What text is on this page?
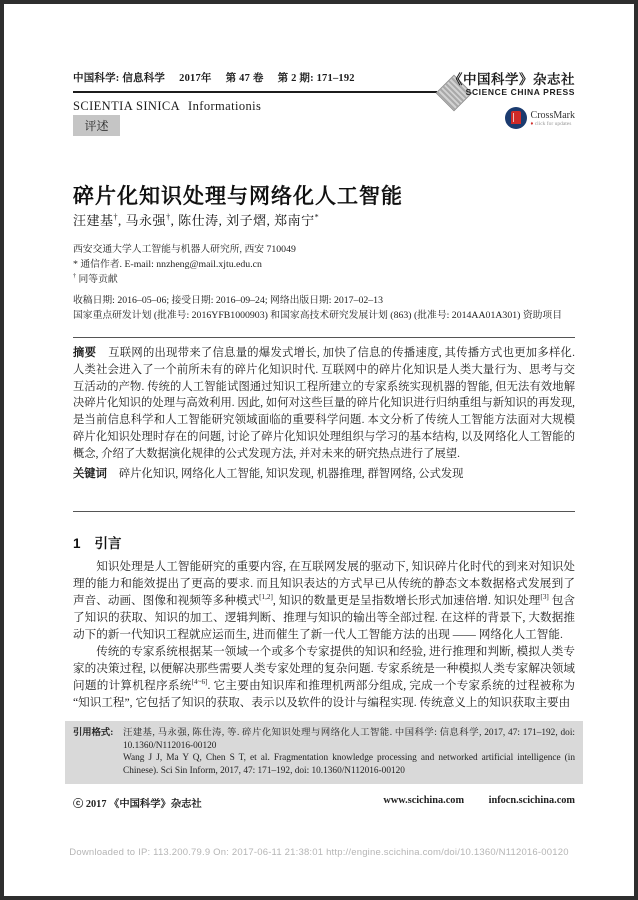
中国科学: 信息科学 2017年 第 47 卷 第 2 期: 171–192
SCIENTIA SINICA Informationis
评述
《中国科学》杂志社
SCIENCE CHINA PRESS
CrossMark
♦ click for updates
碎片化知识处理与网络化人工智能
汪建基†, 马永强†, 陈仕涛, 刘子熠, 郑南宁*
西安交通大学人工智能与机器人研究所, 西安 710049
* 通信作者. E-mail: nnzheng@mail.xjtu.edu.cn
† 同等贡献
收稿日期: 2016–05–06; 接受日期: 2016–09–24; 网络出版日期: 2017–02–13
国家重点研发计划 (批准号: 2016YFB1000903) 和国家高技术研究发展计划 (863) (批准号: 2014AA01A301) 资助项目
摘要 互联网的出现带来了信息量的爆发式增长, 加快了信息的传播速度, 其传播方式也更加多样化. 人类社会进入了一个前所未有的碎片化知识时代. 互联网中的碎片化知识是人类大量行为、思考与交互活动的产物. 传统的人工智能试图通过知识工程所建立的专家系统实现机器的智能, 但无法有效地解决碎片化知识的处理与高效利用. 因此, 如何对这些巨量的碎片化知识进行归纳重组与新知识的再发现, 是当前信息科学和人工智能研究领域面临的重要科学问题. 本文分析了传统人工智能方法面对大规模碎片化知识处理时存在的问题, 讨论了碎片化知识处理组织与学习的基本结构, 以及网络化人工智能的概念, 介绍了大数据演化规律的公式发现方法, 并对未来的研究热点进行了展望.
关键词 碎片化知识, 网络化人工智能, 知识发现, 机器推理, 群智网络, 公式发现
1 引言

知识处理是人工智能研究的重要内容, 在互联网发展的驱动下, 知识碎片化时代的到来对知识处理的能力和能效提出了更高的要求. 而且知识表达的方式早已从传统的静态文本数据格式发展到了声音、动画、图像和视频等多种模式[1,2], 知识的数量更是呈指数增长形式加速倍增. 知识处理[3] 包含了知识的获取、知识的加工、逻辑判断、推理与知识的输出等全部过程. 在这样的背景下, 大数据推动下的新一代知识工程就应运而生, 进而催生了新一代人工智能方法的出现 —— 网络化人工智能.

传统的专家系统根据某一领域一个或多个专家提供的知识和经验, 进行推理和判断, 模拟人类专家的决策过程, 以便解决那些需要人类专家处理的复杂问题. 专家系统是一种模拟人类专家解决领域问题的计算机程序系统[4~6]. 它主要由知识库和推理机两部分组成, 完成一个专家系统的过程被称为 “知识工程”, 它包括了知识的获取、表示以及软件的设计与编程实现. 传统意义上的知识获取主要由

引用格式:	汪建基, 马永强, 陈仕涛, 等. 碎片化知识处理与网络化人工智能. 中国科学: 信息科学, 2017, 47: 171–192, doi: 10.1360/N112016-00120
Wang J J, Ma Y Q, Chen S T, et al. Fragmentation knowledge processing and networked artificial intelligence (in Chinese). Sci Sin Inform, 2017, 47: 171–192, doi: 10.1360/N112016-00120
ⓒ 2017 《中国科学》杂志社	www.scichina.com infocn.scichina.com
Downloaded to IP: 113.200.79.9 On: 2017-06-11 21:38:01 http://engine.scichina.com/doi/10.1360/N112016-00120
